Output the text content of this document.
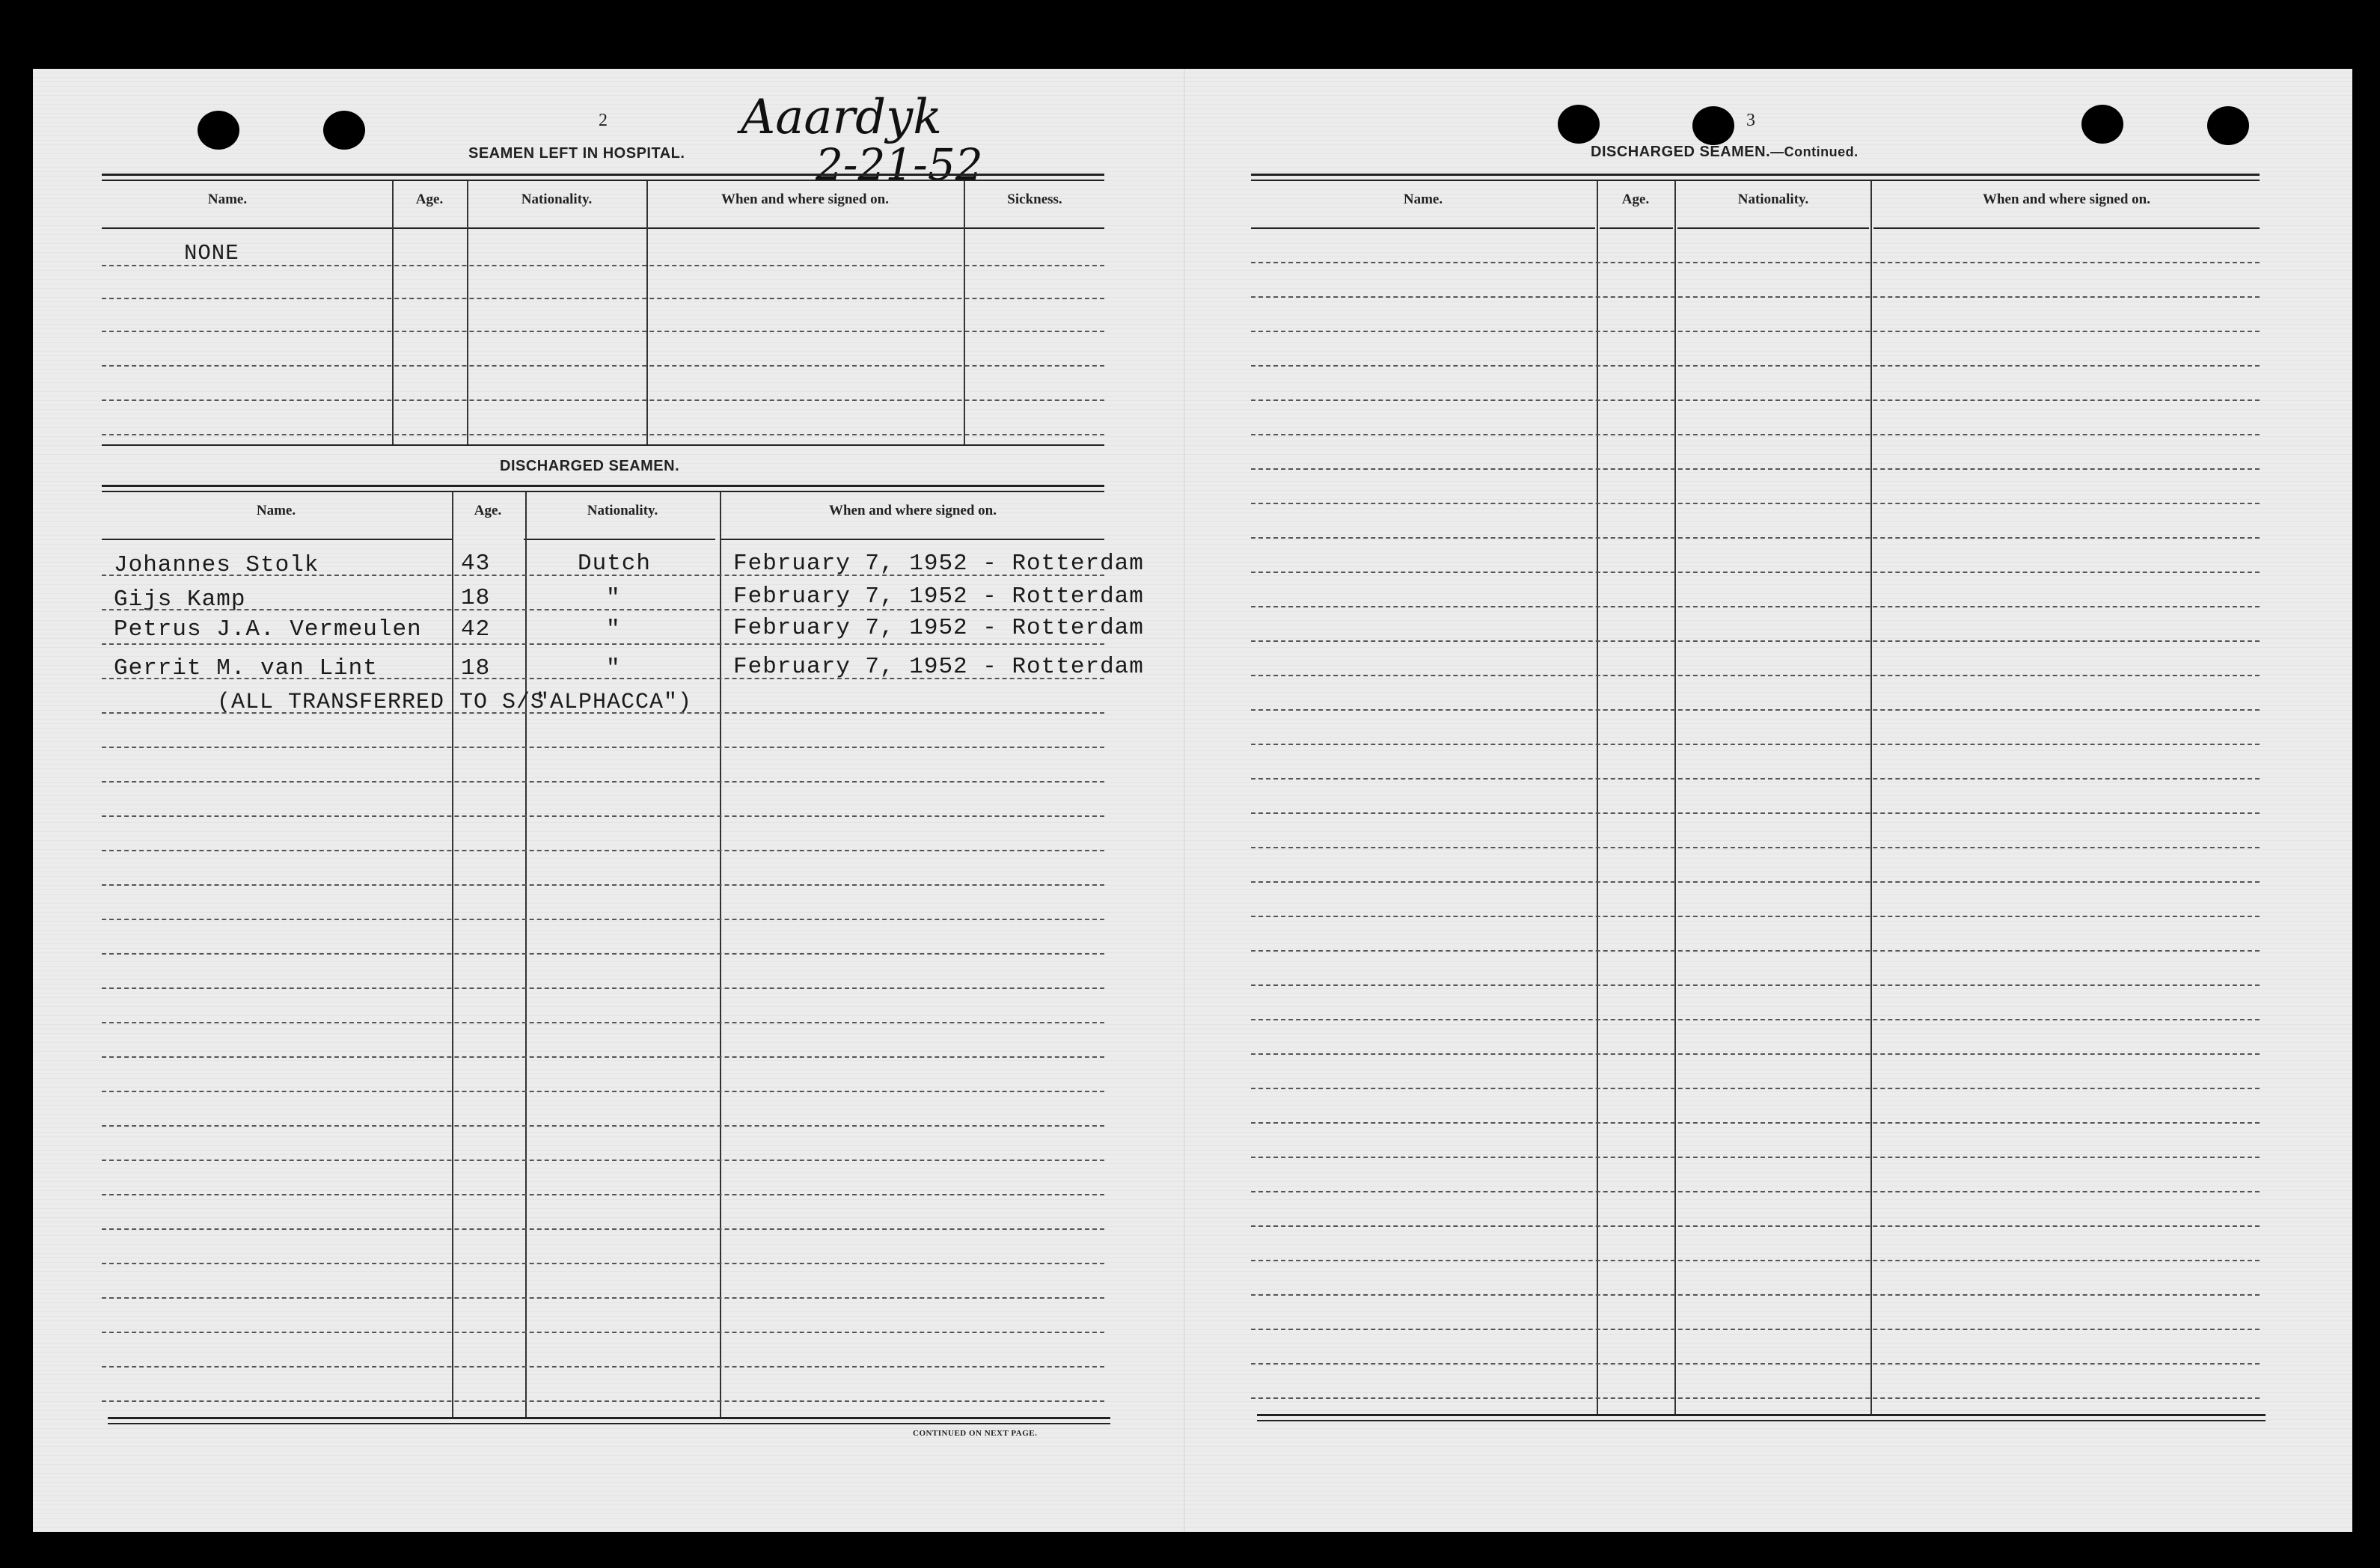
2	Aaardyk
2-21-52
SEAMEN LEFT IN HOSPITAL.
Name.	Age.	Nationality.	When and where signed on.	Sickness.
NONE
DISCHARGED SEAMEN.
Name.	Age.	Nationality.	When and where signed on.
Johannes Stolk	43	Dutch	February 7, 1952 - Rotterdam
Gijs Kamp	18	"	February 7, 1952 - Rotterdam
Petrus J.A. Vermeulen 42	"	February 7, 1952 - Rotterdam
Gerrit M. van Lint	18	"	February 7, 1952 - Rotterdam
(ALL TRANSFERRED TO S/S
"ALPHACCA")
CONTINUED ON NEXT PAGE.
3
DISCHARGED SEAMEN.—Continued.
Name.	Age.	Nationality.	When and where signed on.
